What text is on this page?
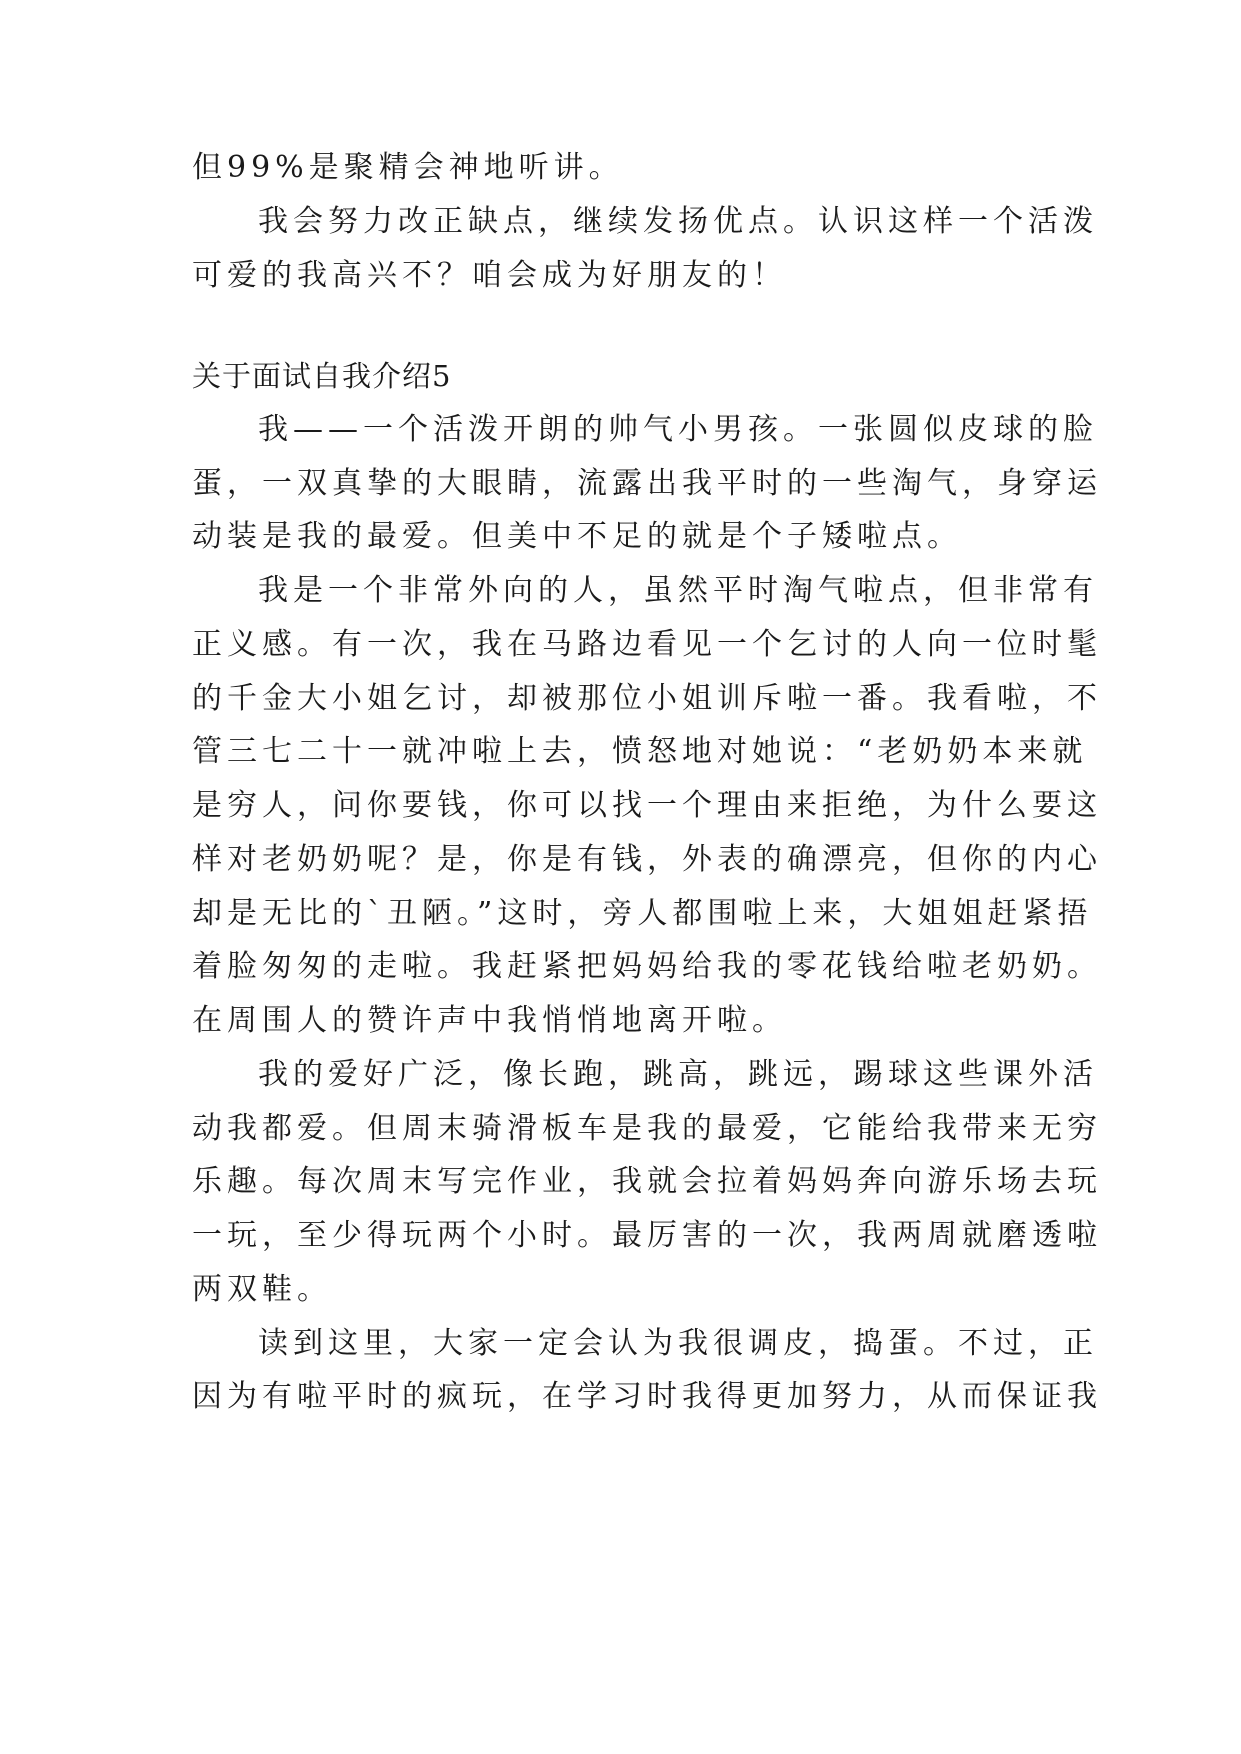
但99%是聚精会神地听讲。
我会努力改正缺点，继续发扬优点。认识这样一个活泼
可爱的我高兴不？咱会成为好朋友的！
关于面试自我介绍5
我——一个活泼开朗的帅气小男孩。一张圆似皮球的脸
蛋，一双真挚的大眼睛，流露出我平时的一些淘气，身穿运
动装是我的最爱。但美中不足的就是个子矮啦点。
我是一个非常外向的人，虽然平时淘气啦点，但非常有
正义感。有一次，我在马路边看见一个乞讨的人向一位时髦
的千金大小姐乞讨，却被那位小姐训斥啦一番。我看啦，不
管三七二十一就冲啦上去，愤怒地对她说：“老奶奶本来就
是穷人，问你要钱，你可以找一个理由来拒绝，为什么要这
样对老奶奶呢？是，你是有钱，外表的确漂亮，但你的内心
却是无比的`丑陋。”这时，旁人都围啦上来，大姐姐赶紧捂
着脸匆匆的走啦。我赶紧把妈妈给我的零花钱给啦老奶奶。
在周围人的赞许声中我悄悄地离开啦。
我的爱好广泛，像长跑，跳高，跳远，踢球这些课外活
动我都爱。但周末骑滑板车是我的最爱，它能给我带来无穷
乐趣。每次周末写完作业，我就会拉着妈妈奔向游乐场去玩
一玩，至少得玩两个小时。最厉害的一次，我两周就磨透啦
两双鞋。
读到这里，大家一定会认为我很调皮，捣蛋。不过，正
因为有啦平时的疯玩，在学习时我得更加努力，从而保证我
